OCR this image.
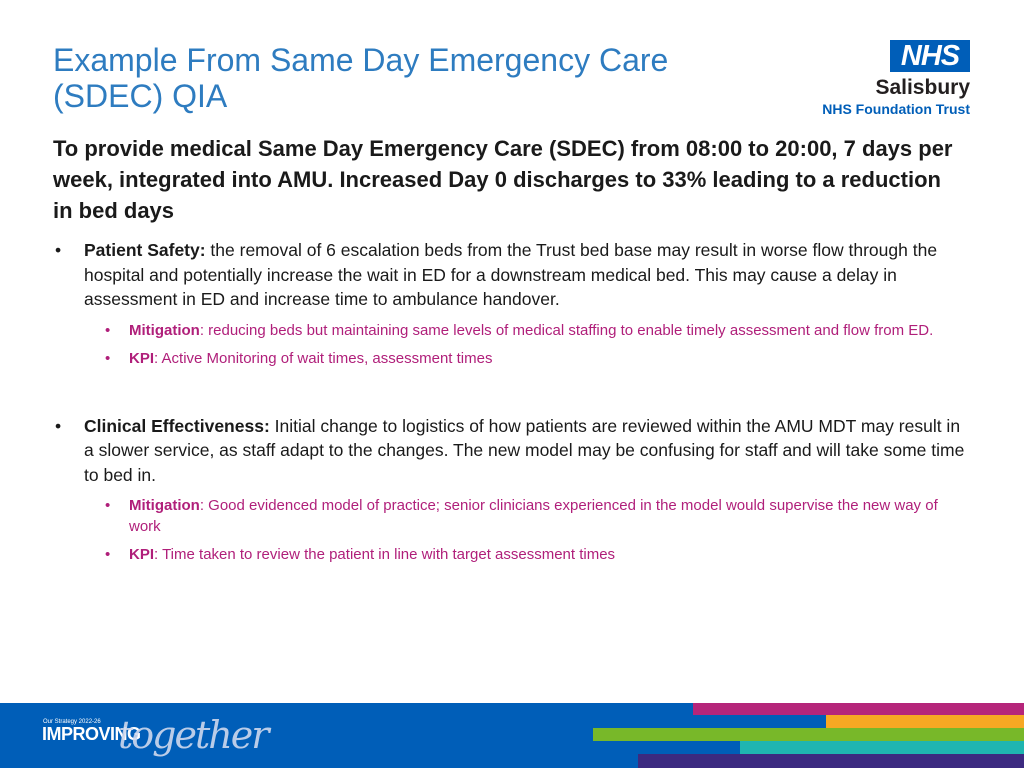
Example From Same Day Emergency Care
(SDEC) QIA
NHS
Salisbury
NHS Foundation Trust
To provide medical Same Day Emergency Care (SDEC) from 08:00 to 20:00, 7 days per week, integrated into AMU. Increased Day 0 discharges to 33% leading to a reduction in bed days
• Patient Safety: the removal of 6 escalation beds from the Trust bed base may result in worse flow through the hospital and potentially increase the wait in ED for a downstream medical bed. This may cause a delay in assessment in ED and increase time to ambulance handover.
• Mitigation: reducing beds but maintaining same levels of medical staffing to enable timely assessment and flow from ED.
• KPI: Active Monitoring of wait times, assessment times
• Clinical Effectiveness: Initial change to logistics of how patients are reviewed within the AMU MDT may result in a slower service, as staff adapt to the changes. The new model may be confusing for staff and will take some time to bed in.
• Mitigation: Good evidenced model of practice; senior clinicians experienced in the model would supervise the new way of work
• KPI: Time taken to review the patient in line with target assessment times
Our Strategy 2022-26
IMPROVING
together
